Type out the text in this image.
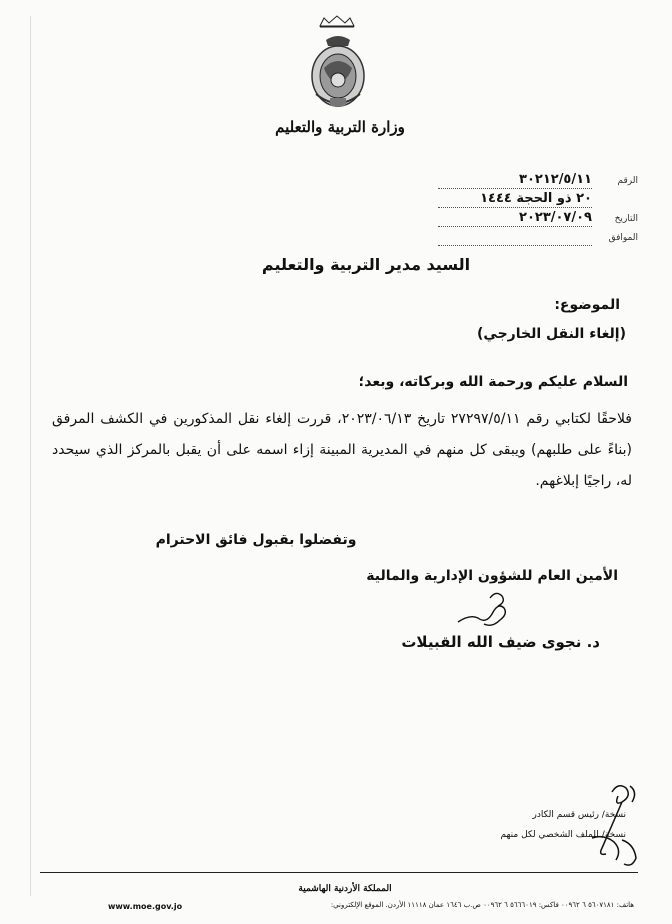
وزارة التربية والتعليم
الرقم
٣٠٢١٢/٥/١١
٢٠ ذو الحجة ١٤٤٤
التاريخ
٢٠٢٣/٠٧/٠٩
الموافق
السيد مدير التربية والتعليم
الموضوع:
(إلغاء النقل الخارجي)
السلام عليكم ورحمة الله وبركاته، وبعد؛
فلاحقًا لكتابي رقم ٢٧٢٩٧/٥/١١ تاريخ ٢٠٢٣/٠٦/١٣، قررت إلغاء نقل المذكورين في الكشف المرفق (بناءً على طلبهم) ويبقى كل منهم في المديرية المبينة إزاء اسمه على أن يقبل بالمركز الذي سيحدد له، راجيًا إبلاغهم.
وتفضلوا بقبول فائق الاحترام
الأمين العام للشؤون الإدارية والمالية
د. نجوى ضيف الله القبيلات
نسخة/ رئيس قسم الكادر
نسخة/ للملف الشخصي لكل منهم
المملكة الأردنية الهاشمية
هاتف: ٥٦٠٧١٨١ ٦ ٠٠٩٦٢ فاكس: ٥٦٦٦٠١٩ ٦ ٠٠٩٦٢ ص.ب ١٦٤٦ عمان ١١١١٨ الأردن. الموقع الإلكتروني:
www.moe.gov.jo
